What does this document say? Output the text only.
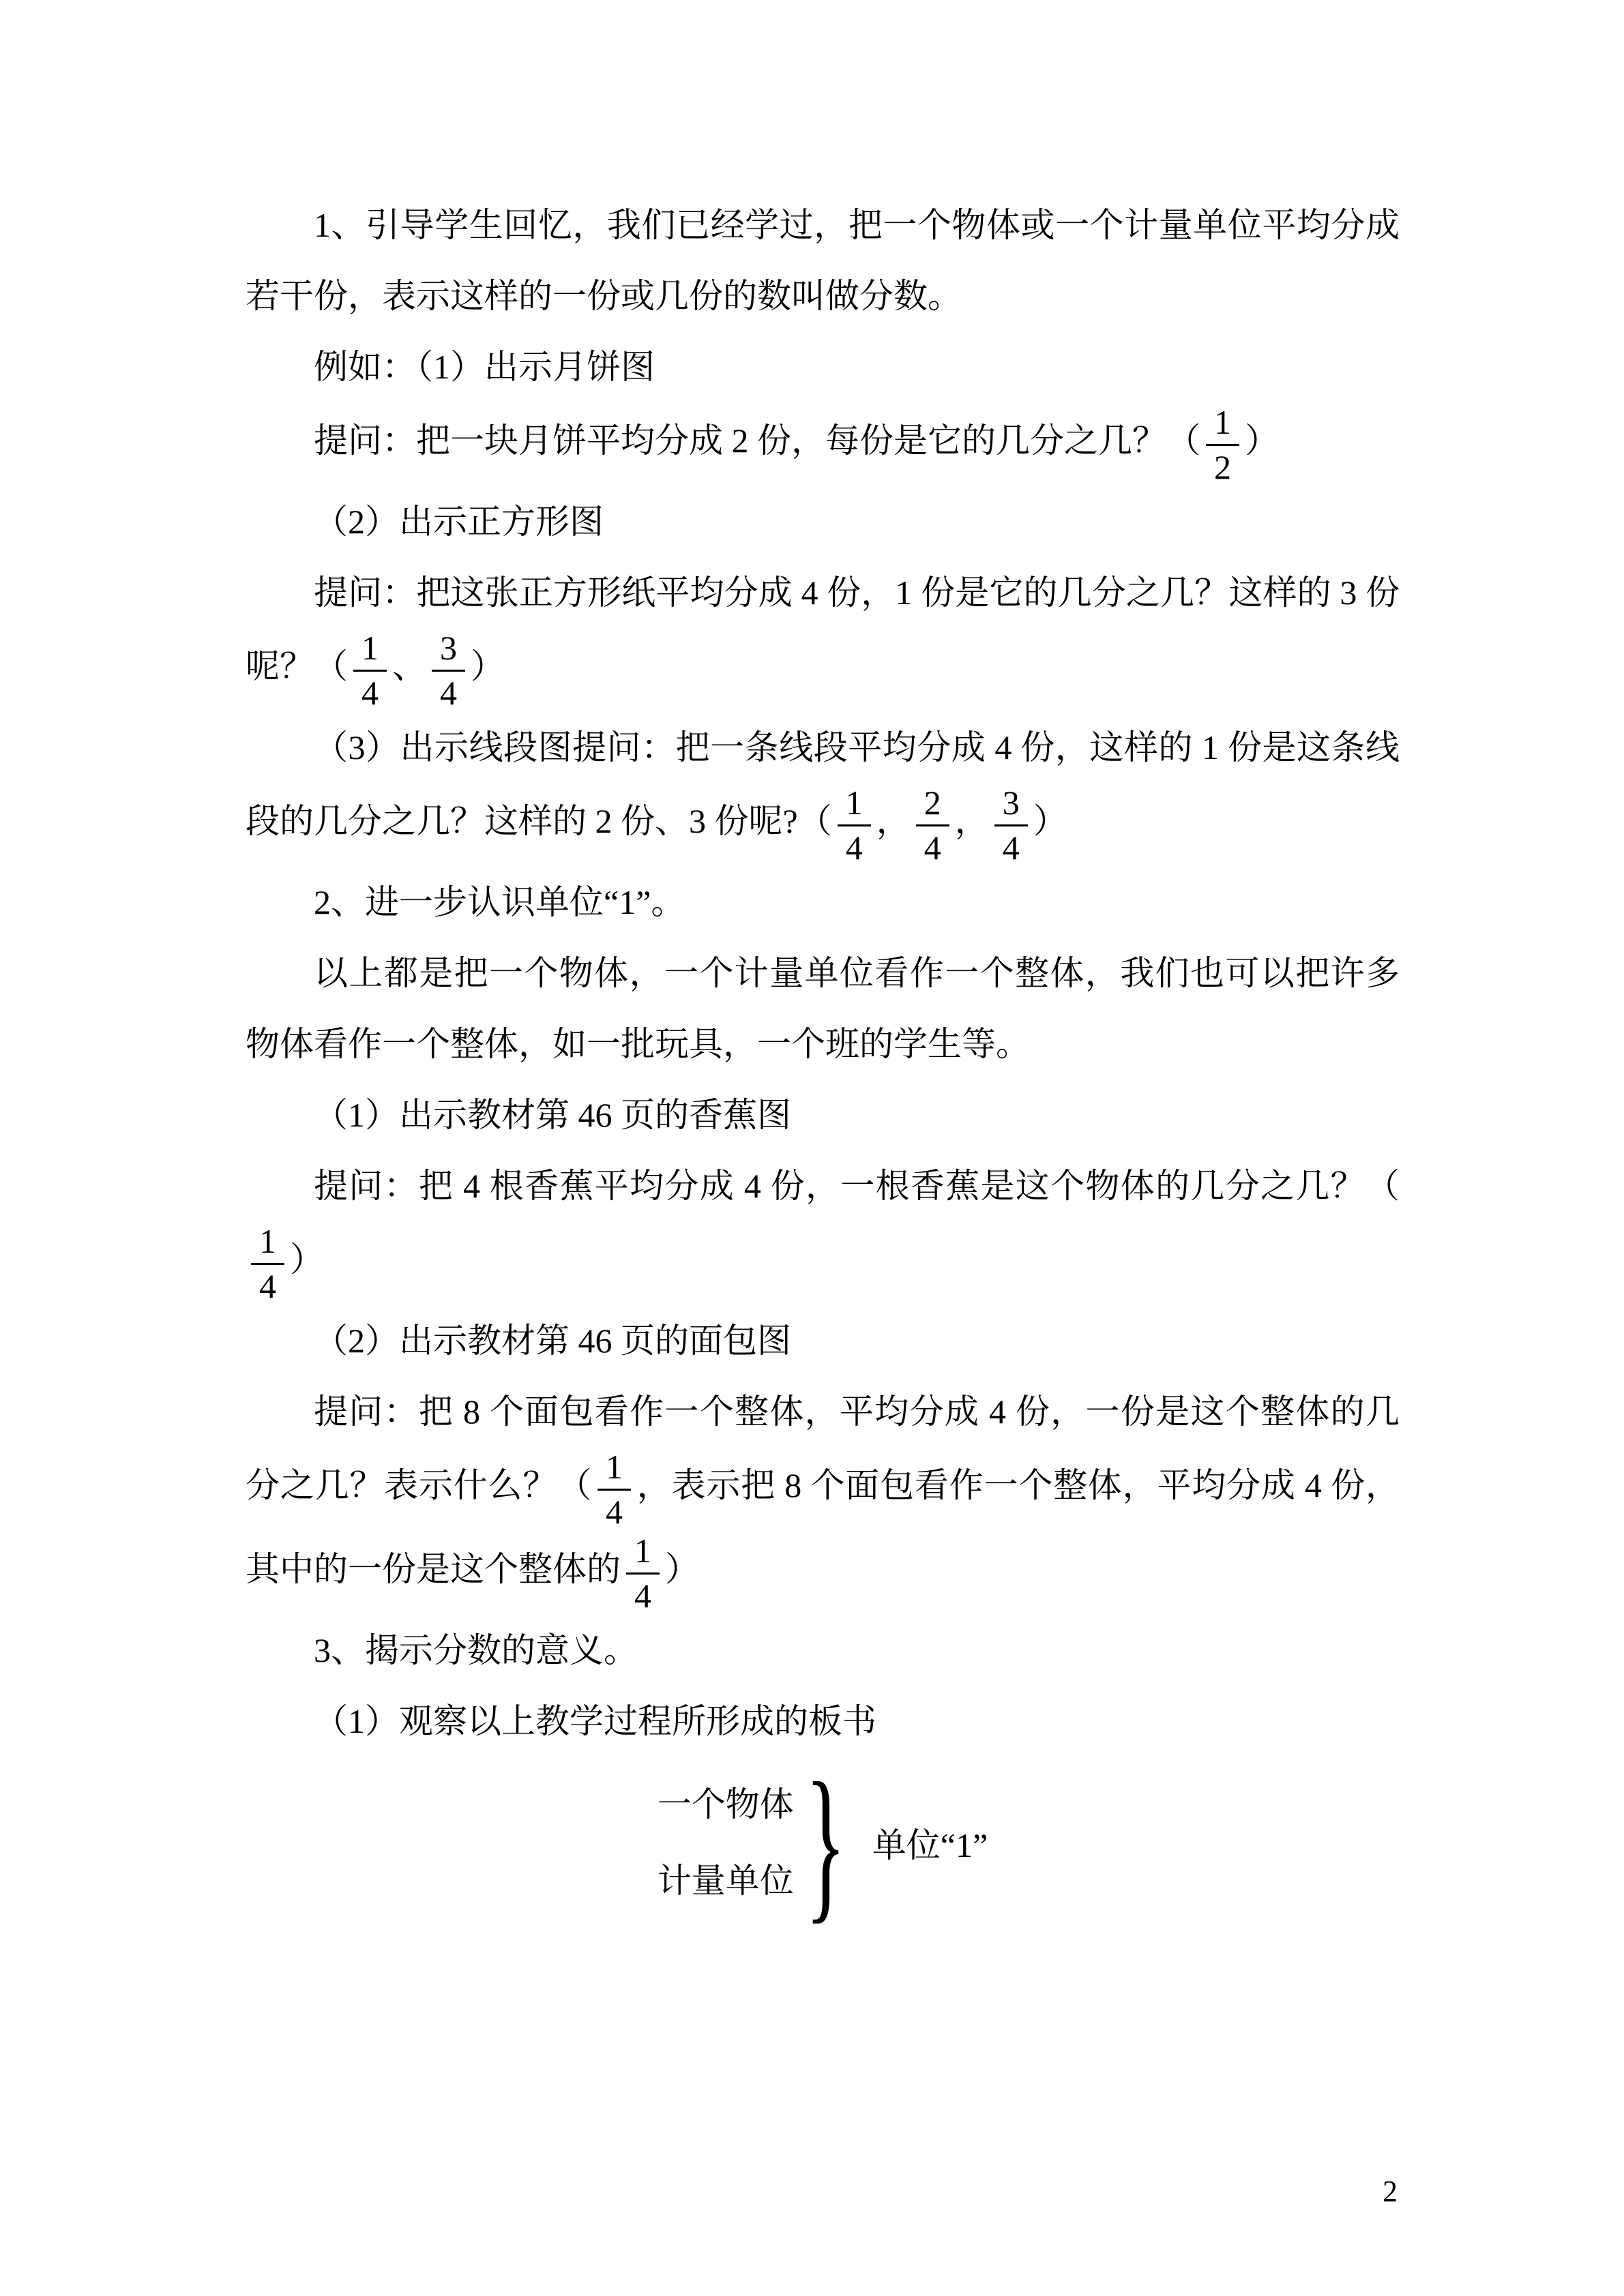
1、引导学生回忆，我们已经学过，把一个物体或一个计量单位平均分成若干份，表示这样的一份或几份的数叫做分数。

例如：（1）出示月饼图

提问：把一块月饼平均分成 2 份，每份是它的几分之几？（ $\frac{1}{2}$ ）

（2）出示正方形图

提问：把这张正方形纸平均分成 4 份，1 份是它的几分之几？这样的 3 份呢？（ $\frac{1}{4}$ 、 $\frac{3}{4}$ ）

（3）出示线段图提问：把一条线段平均分成 4 份，这样的 1 份是这条线段的几分之几？这样的 2 份、3 份呢?（ $\frac{1}{4}$ ， $\frac{2}{4}$ ， $\frac{3}{4}$ ）

2、进一步认识单位“1”。

以上都是把一个物体，一个计量单位看作一个整体，我们也可以把许多物体看作一个整体，如一批玩具，一个班的学生等。

（1）出示教材第 46 页的香蕉图

提问：把 4 根香蕉平均分成 4 份，一根香蕉是这个物体的几分之几？（
$\frac{1}{4}$ ）

（2）出示教材第 46 页的面包图

提问：把 8 个面包看作一个整体，平均分成 4 份，一份是这个整体的几分之几？表示什么？（ $\frac{1}{4}$ ，表示把 8 个面包看作一个整体，平均分成 4 份，其中的一份是这个整体的 $\frac{1}{4}$ ）

3、揭示分数的意义。

（1）观察以上教学过程所形成的板书

一个物体
计量单位 } 单位“1”
2
